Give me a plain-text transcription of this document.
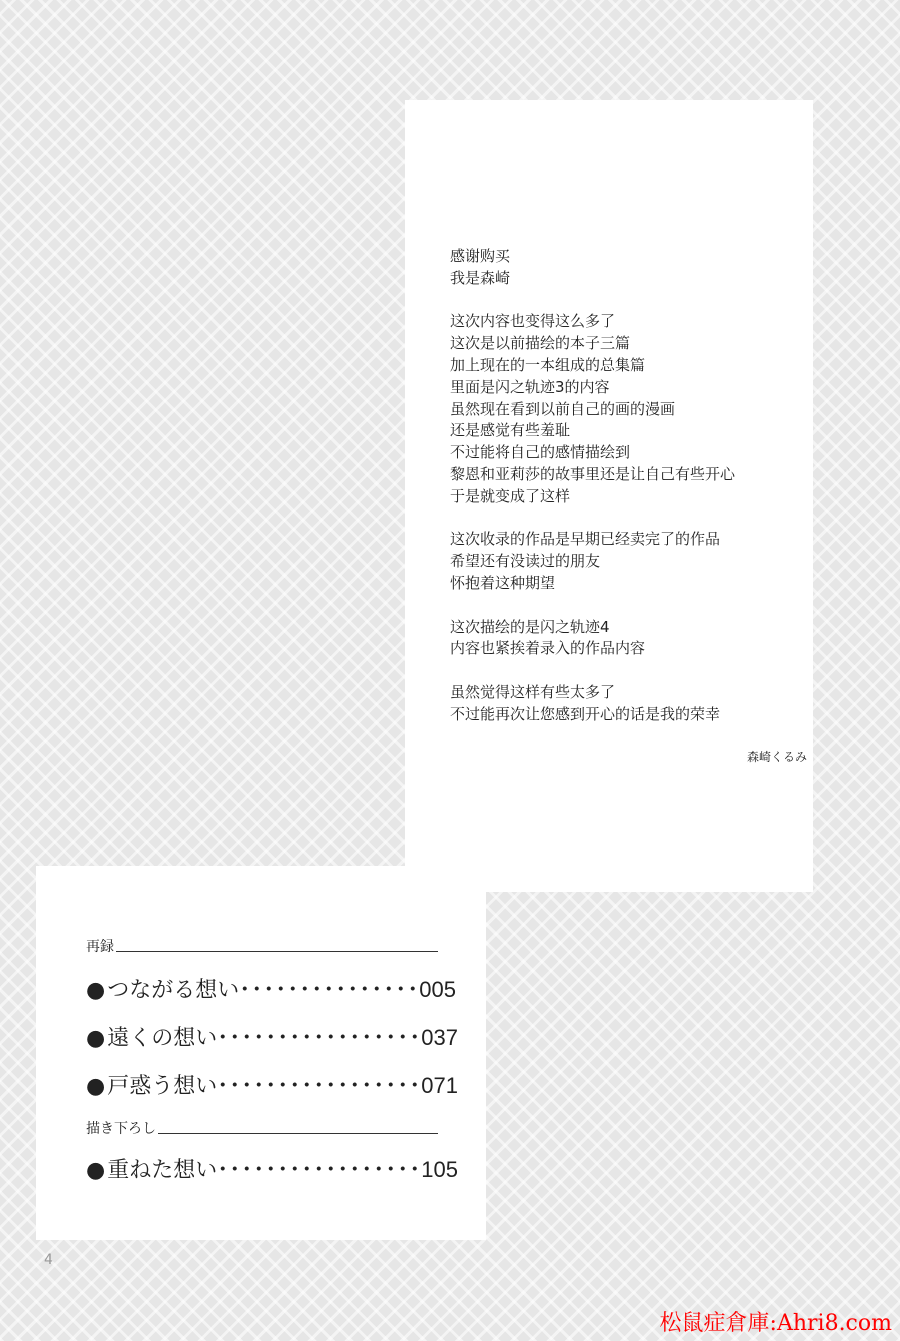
感谢购买
我是森崎
这次内容也变得这么多了
这次是以前描绘的本子三篇
加上现在的一本组成的总集篇
里面是闪之轨迹3的内容
虽然现在看到以前自己的画的漫画
还是感觉有些羞耻
不过能将自己的感情描绘到
黎恩和亚莉莎的故事里还是让自己有些开心
于是就变成了这样
这次收录的作品是早期已经卖完了的作品
希望还有没读过的朋友
怀抱着这种期望
这次描绘的是闪之轨迹4
内容也紧挨着录入的作品内容
虽然觉得这样有些太多了
不过能再次让您感到开心的话是我的荣幸
森崎くるみ
再録
● つながる想い ･･･････････････ 005
● 遠くの想い ･････････････････ 037
● 戸惑う想い ･････････････････ 071
描き下ろし
● 重ねた想い ･････････････････ 105
4
松鼠症倉庫:Ahri8.com
